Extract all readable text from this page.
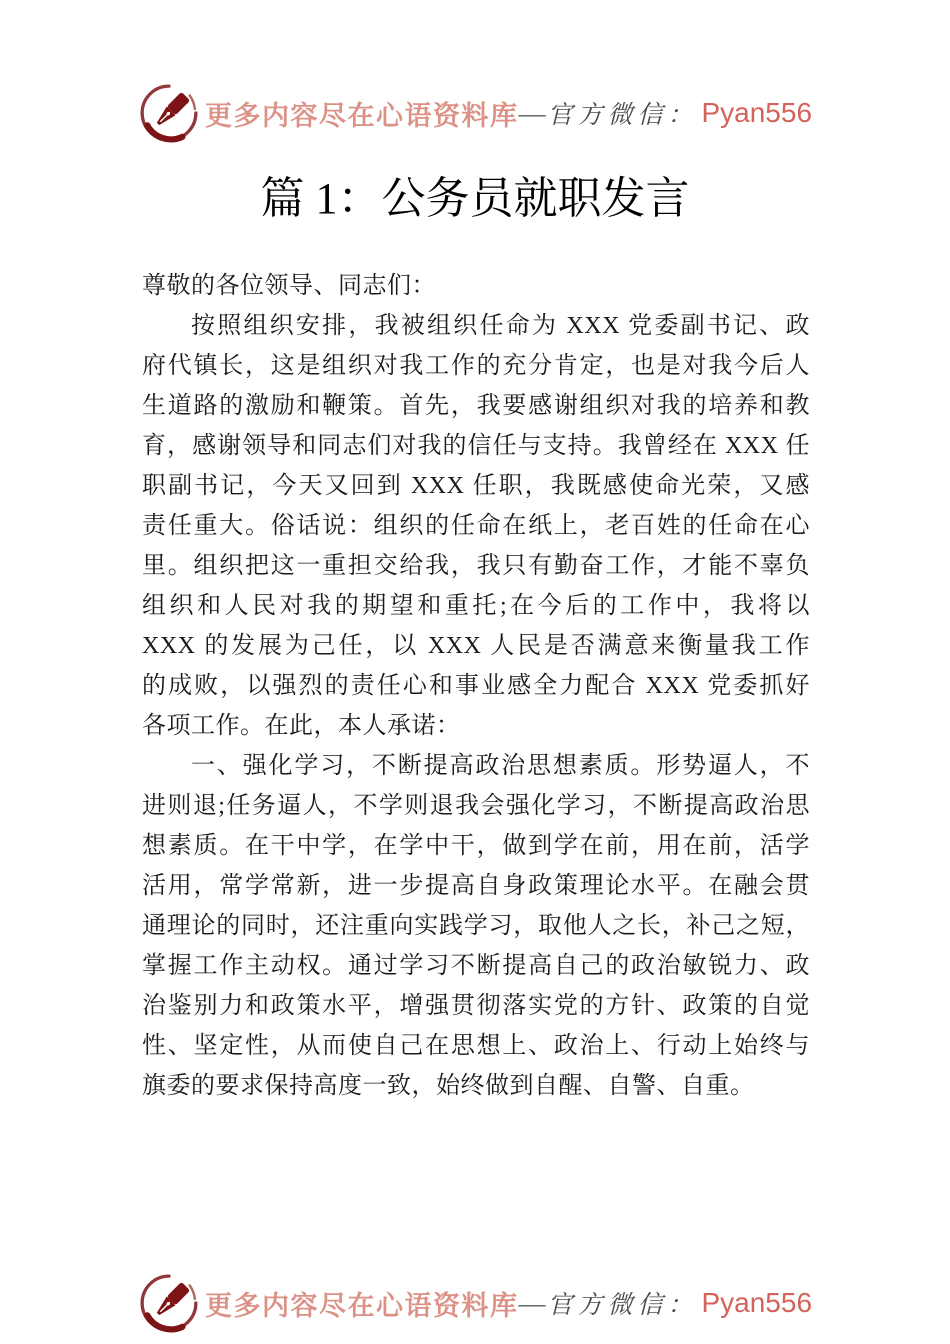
更多内容尽在心语资料库 — 官方微信： Pyan556
篇 1：公务员就职发言
尊敬的各位领导、同志们：
按照组织安排，我被组织任命为 XXX 党委副书记、政
府代镇长，这是组织对我工作的充分肯定，也是对我今后人
生道路的激励和鞭策。首先，我要感谢组织对我的培养和教
育，感谢领导和同志们对我的信任与支持。我曾经在 XXX 任
职副书记，今天又回到 XXX 任职，我既感使命光荣，又感
责任重大。俗话说：组织的任命在纸上，老百姓的任命在心
里。组织把这一重担交给我，我只有勤奋工作，才能不辜负
组织和人民对我的期望和重托;在今后的工作中，我将以
XXX 的发展为己任，以 XXX 人民是否满意来衡量我工作
的成败，以强烈的责任心和事业感全力配合 XXX 党委抓好
各项工作。在此，本人承诺：
一、强化学习，不断提高政治思想素质。形势逼人，不
进则退;任务逼人，不学则退我会强化学习，不断提高政治思
想素质。在干中学，在学中干，做到学在前，用在前，活学
活用，常学常新，进一步提高自身政策理论水平。在融会贯
通理论的同时，还注重向实践学习，取他人之长，补己之短，
掌握工作主动权。通过学习不断提高自己的政治敏锐力、政
治鉴别力和政策水平，增强贯彻落实党的方针、政策的自觉
性、坚定性，从而使自己在思想上、政治上、行动上始终与
旗委的要求保持高度一致，始终做到自醒、自警、自重。
更多内容尽在心语资料库 — 官方微信： Pyan556
